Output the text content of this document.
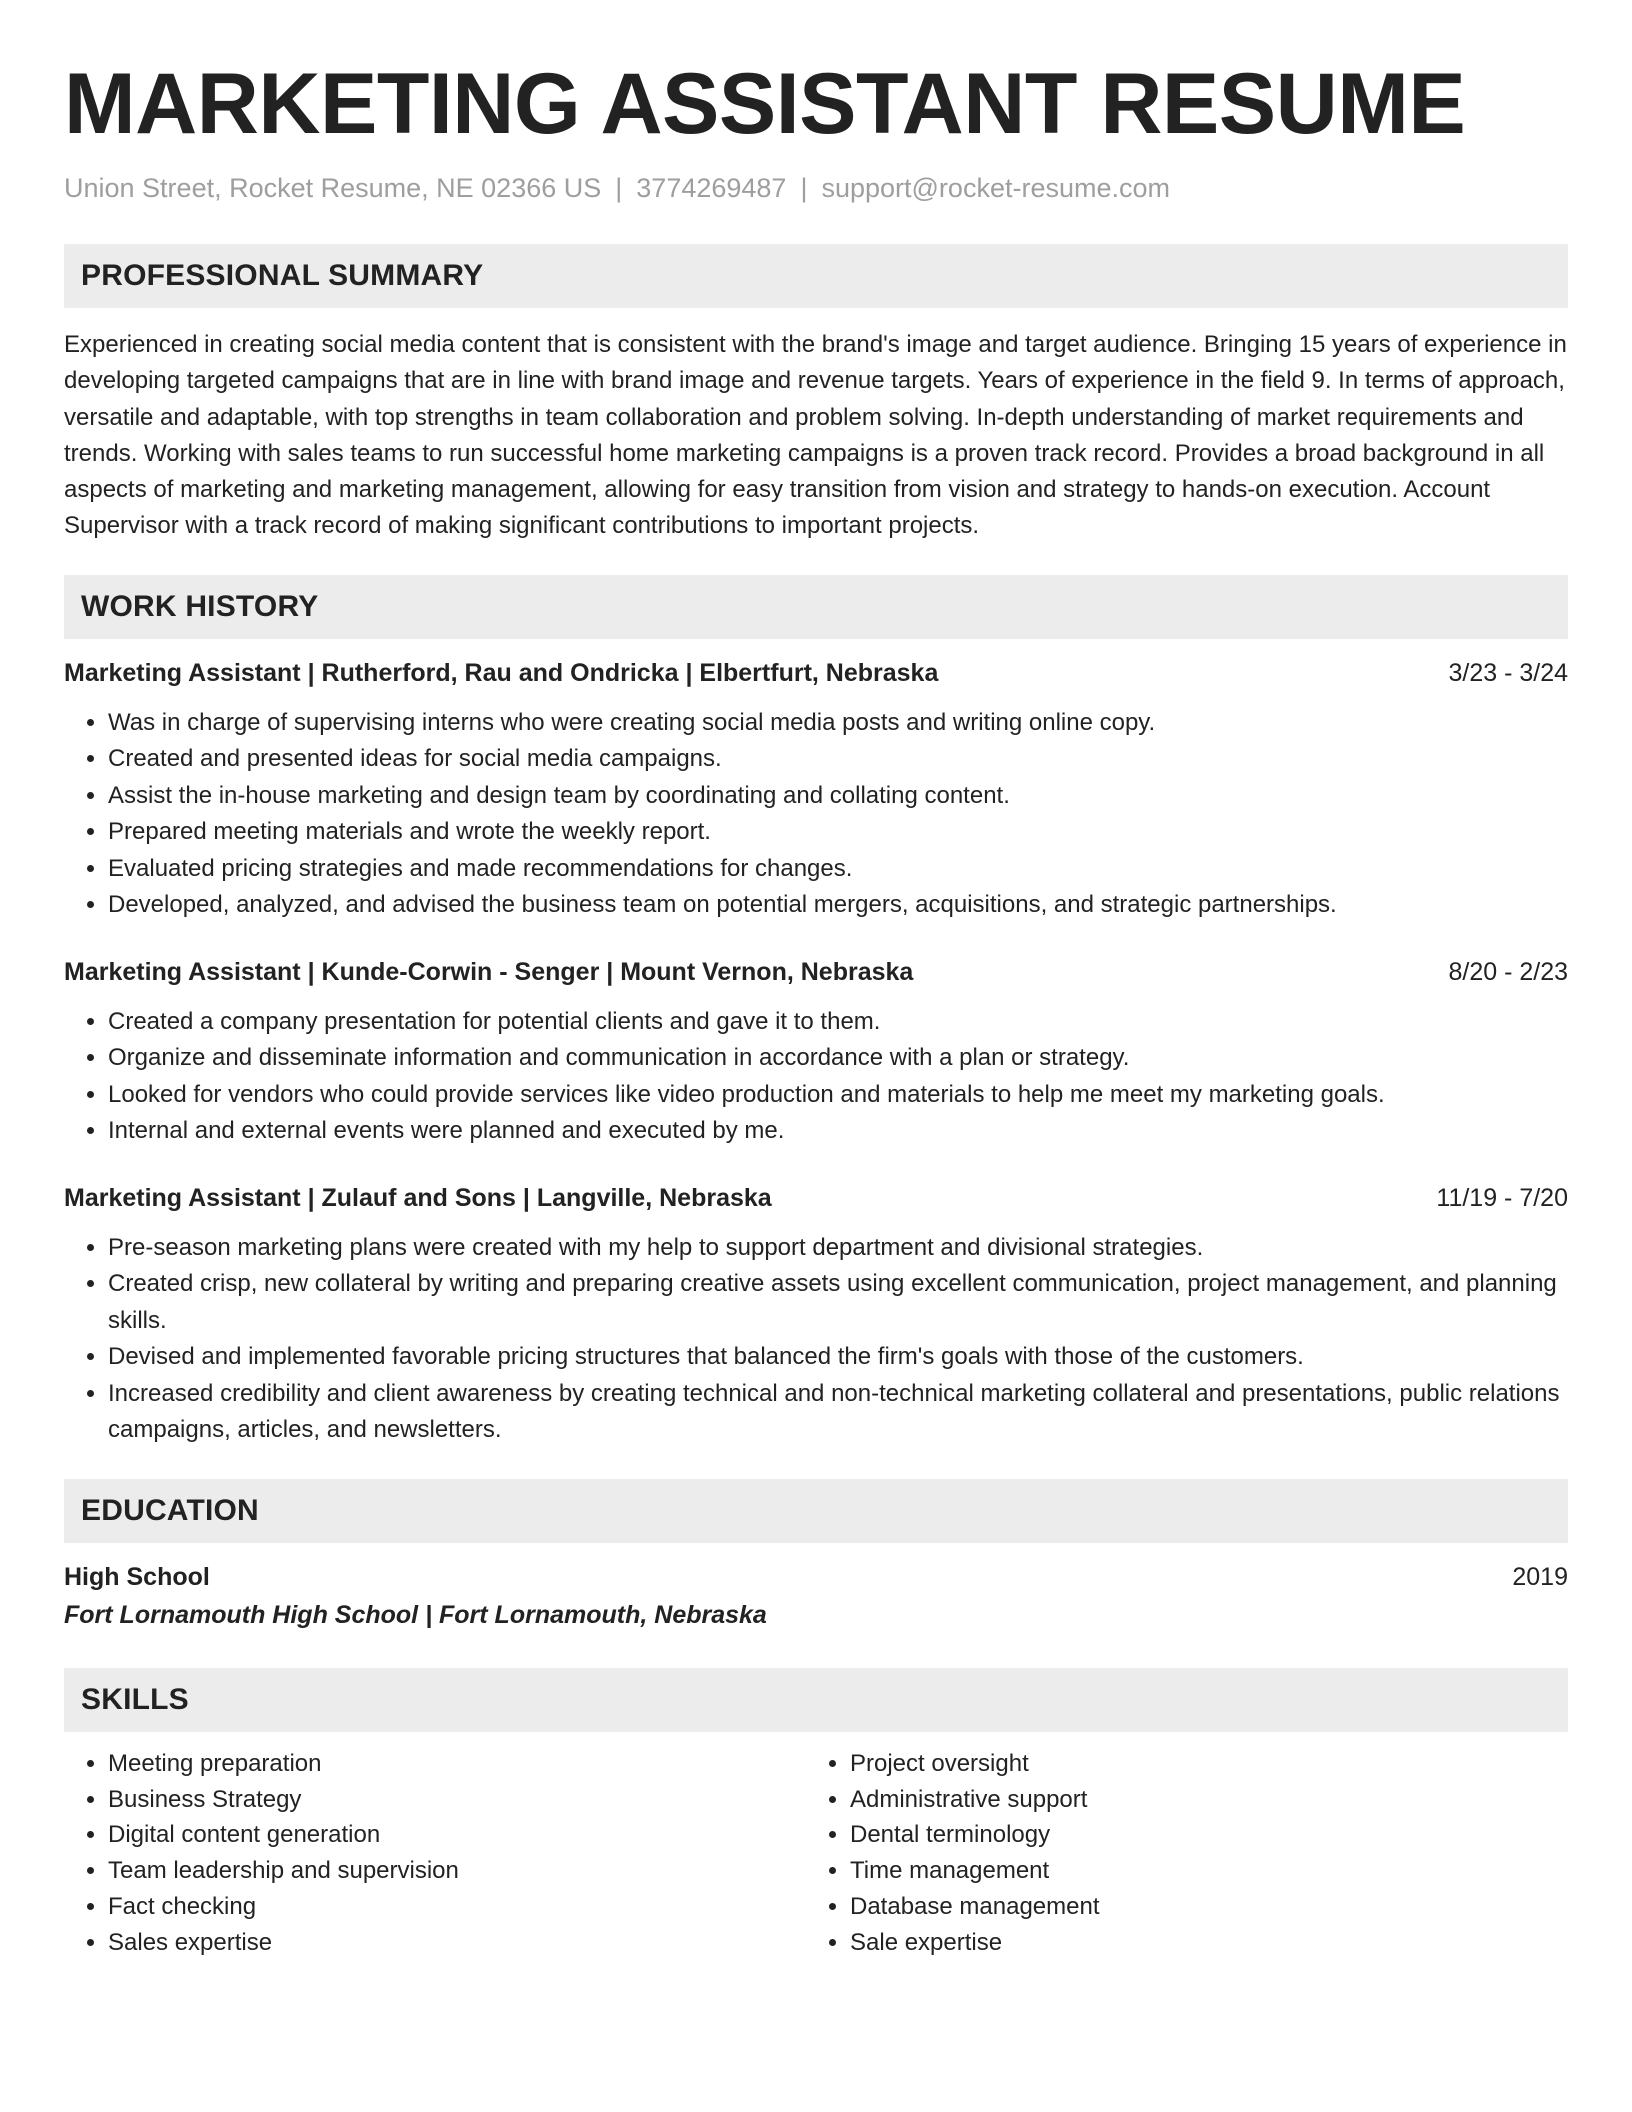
MARKETING ASSISTANT RESUME
Union Street, Rocket Resume, NE 02366 US | 3774269487 | support@rocket-resume.com
PROFESSIONAL SUMMARY

Experienced in creating social media content that is consistent with the brand's image and target audience. Bringing 15 years of experience in developing targeted campaigns that are in line with brand image and revenue targets. Years of experience in the field 9. In terms of approach, versatile and adaptable, with top strengths in team collaboration and problem solving. In-depth understanding of market requirements and trends. Working with sales teams to run successful home marketing campaigns is a proven track record. Provides a broad background in all aspects of marketing and marketing management, allowing for easy transition from vision and strategy to hands-on execution. Account Supervisor with a track record of making significant contributions to important projects.

WORK HISTORY
Marketing Assistant | Rutherford, Rau and Ondricka | Elbertfurt, Nebraska	3/23 - 3/24
• Was in charge of supervising interns who were creating social media posts and writing online copy.
• Created and presented ideas for social media campaigns.
• Assist the in-house marketing and design team by coordinating and collating content.
• Prepared meeting materials and wrote the weekly report.
• Evaluated pricing strategies and made recommendations for changes.
• Developed, analyzed, and advised the business team on potential mergers, acquisitions, and strategic partnerships.
Marketing Assistant | Kunde-Corwin - Senger | Mount Vernon, Nebraska	8/20 - 2/23
• Created a company presentation for potential clients and gave it to them.
• Organize and disseminate information and communication in accordance with a plan or strategy.
• Looked for vendors who could provide services like video production and materials to help me meet my marketing goals.
• Internal and external events were planned and executed by me.
Marketing Assistant | Zulauf and Sons | Langville, Nebraska	11/19 - 7/20
• Pre-season marketing plans were created with my help to support department and divisional strategies.
• Created crisp, new collateral by writing and preparing creative assets using excellent communication, project management, and planning skills.
• Devised and implemented favorable pricing structures that balanced the firm's goals with those of the customers.
• Increased credibility and client awareness by creating technical and non-technical marketing collateral and presentations, public relations campaigns, articles, and newsletters.
EDUCATION
High School	2019
Fort Lornamouth High School | Fort Lornamouth, Nebraska
SKILLS
• Meeting preparation
• Business Strategy
• Digital content generation
• Team leadership and supervision
• Fact checking
• Sales expertise
• Project oversight
• Administrative support
• Dental terminology
• Time management
• Database management
• Sale expertise
